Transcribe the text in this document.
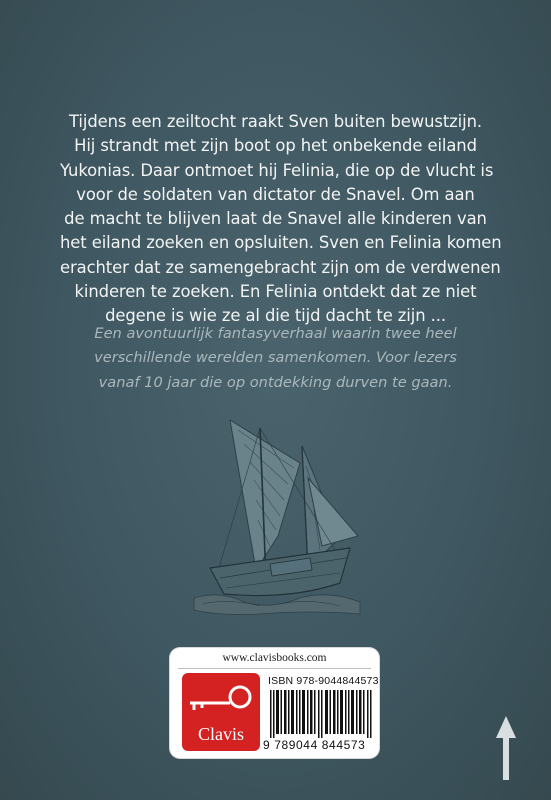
Tijdens een zeiltocht raakt Sven buiten bewustzijn.
Hij strandt met zijn boot op het onbekende eiland
Yukonias. Daar ontmoet hij Felinia, die op de vlucht is
voor de soldaten van dictator de Snavel. Om aan
de macht te blijven laat de Snavel alle kinderen van
het eiland zoeken en opsluiten. Sven en Felinia komen
erachter dat ze samengebracht zijn om de verdwenen
kinderen te zoeken. En Felinia ontdekt dat ze niet
degene is wie ze al die tijd dacht te zijn ...
Een avontuurlijk fantasyverhaal waarin twee heel
verschillende werelden samenkomen. Voor lezers
vanaf 10 jaar die op ontdekking durven te gaan.
www.clavisbooks.com
Clavis
ISBN 978-9044844573
9 789044 844573
